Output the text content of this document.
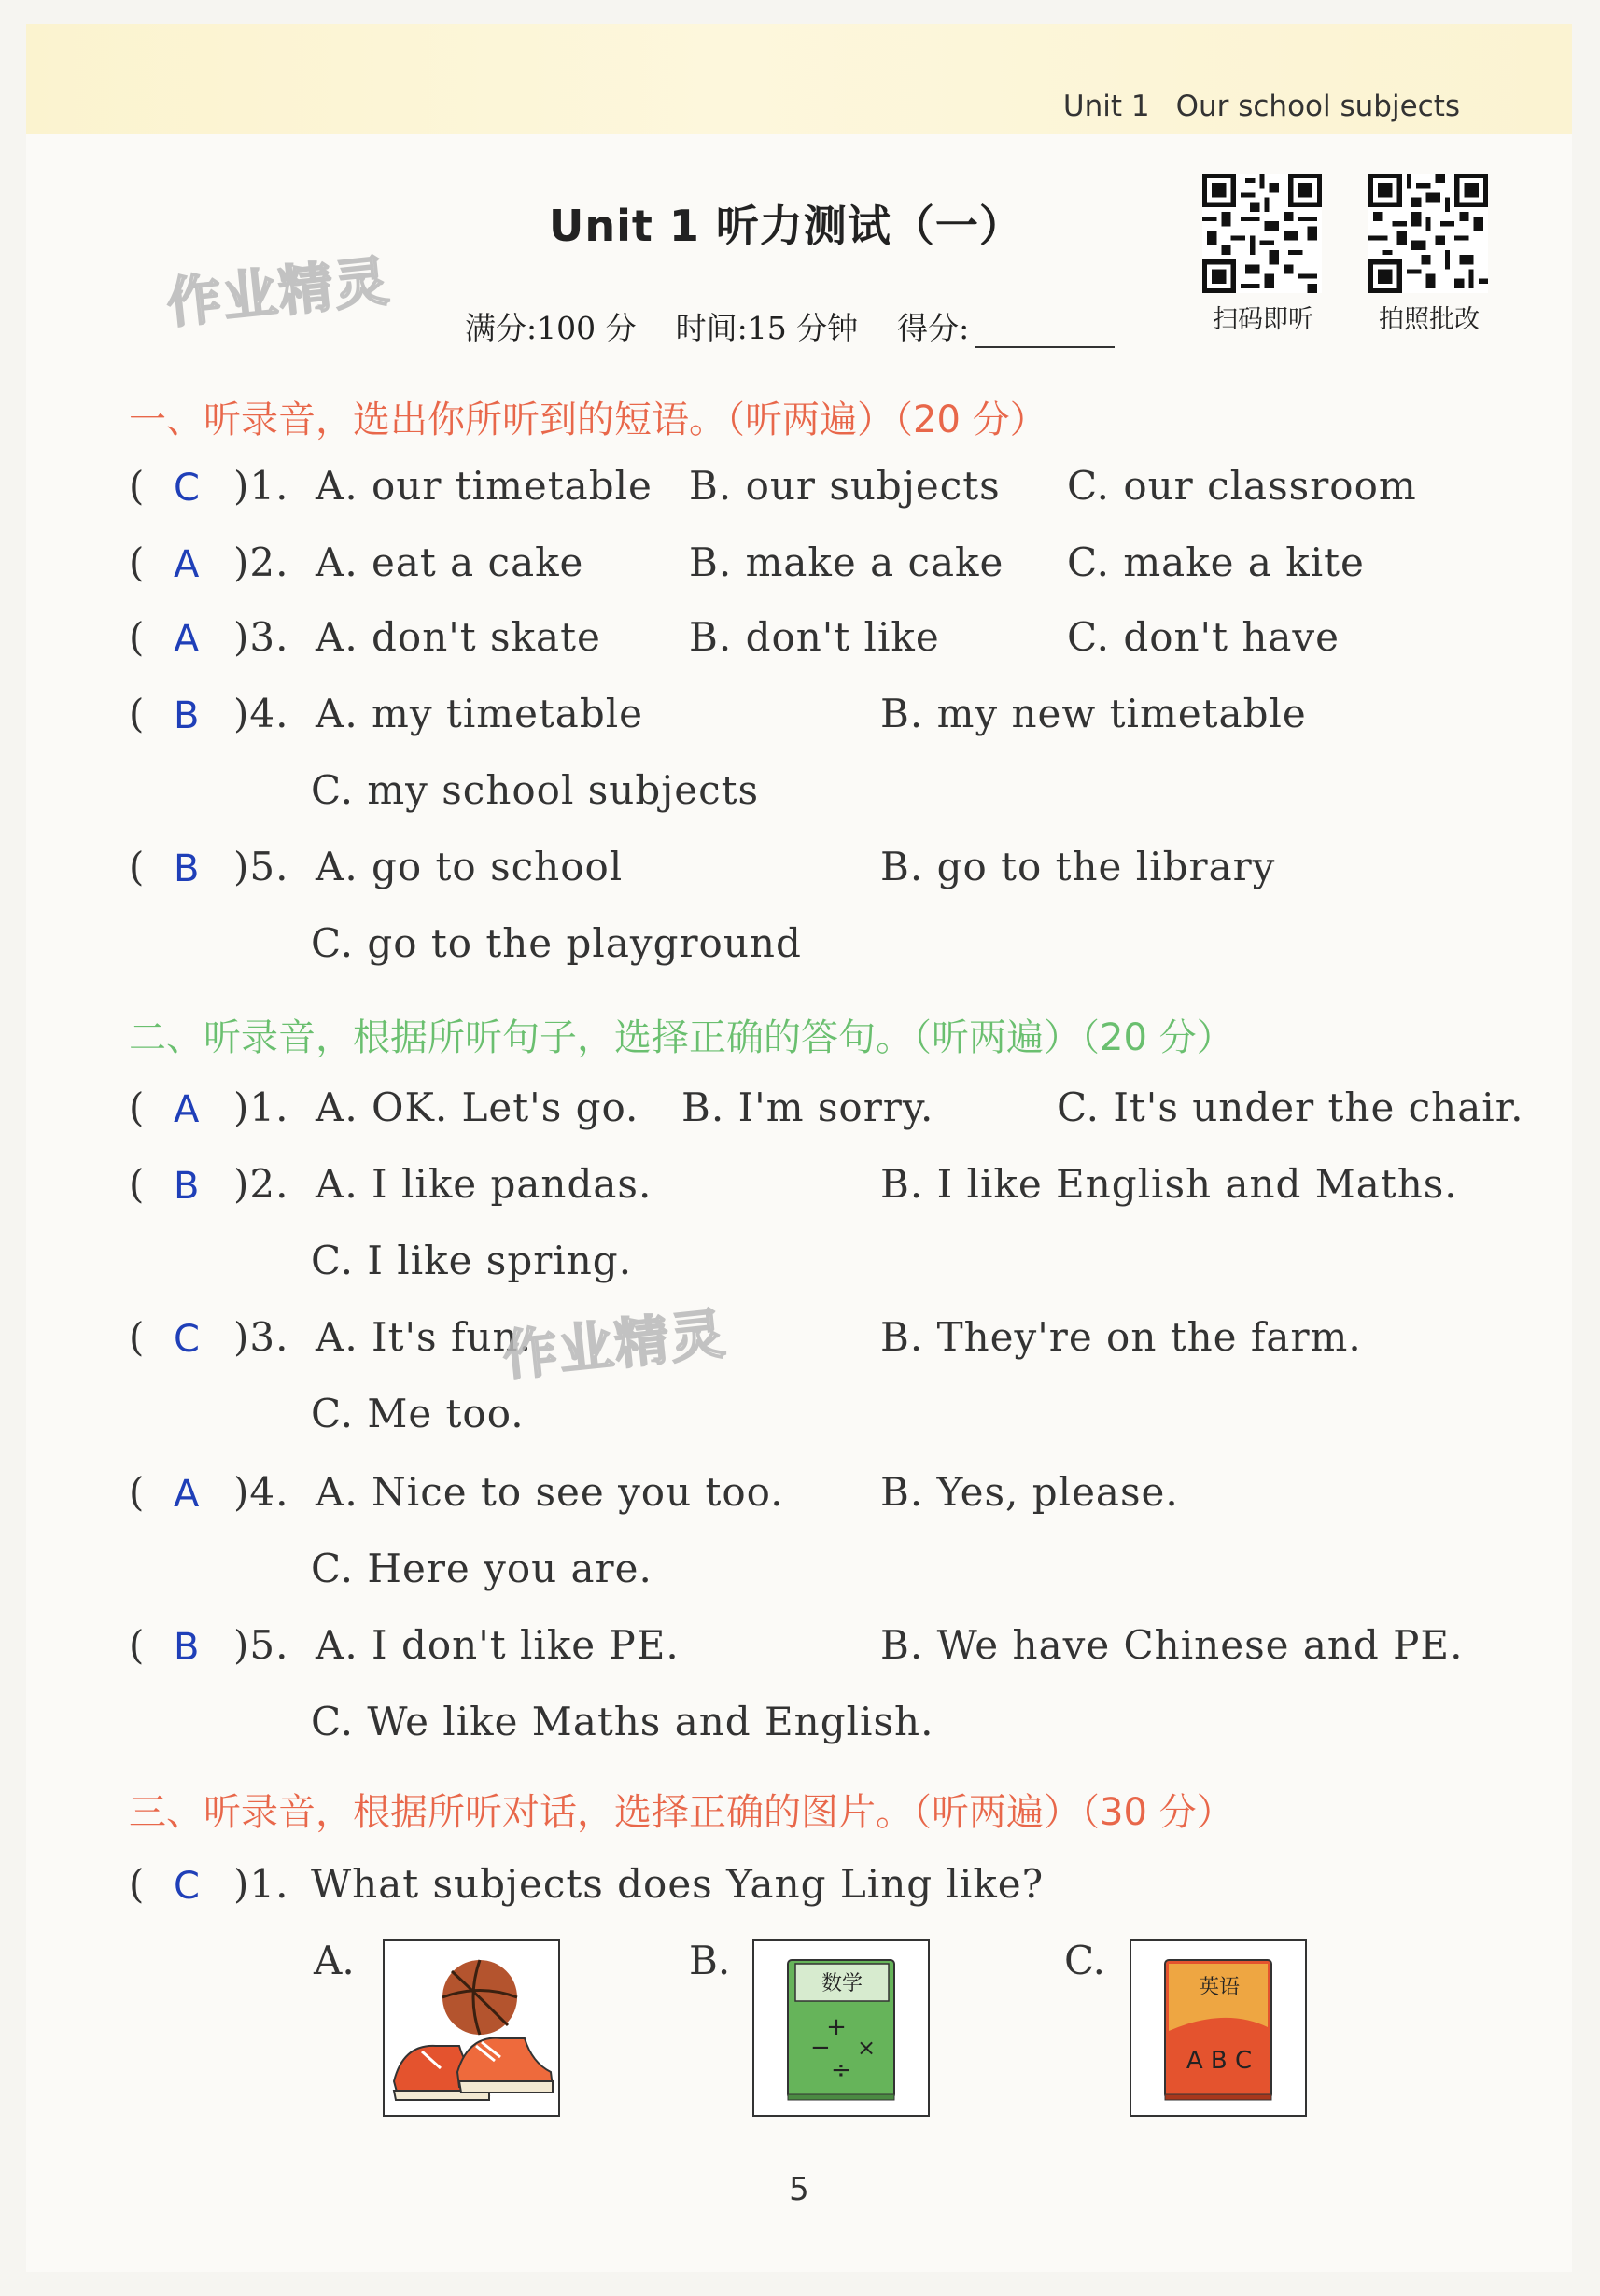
Unit 1 Our school subjects
Unit 1 听力测试（一）
作业精灵 满分:100 分 时间:15 分钟 得分:	扫码即听	拍照批改
一、听录音，选出你所听到的短语。（听两遍）（20 分）
( C )1. A. our timetable B. our subjects C. our classroom
( A )2. A. eat a cake	B. make a cake C. make a kite
( A )3. A. don't skate B. don't like	C. don't have
( B )4. A. my timetable	B. my new timetable
C. my school subjects
( B )5. A. go to school	B. go to the library
C. go to the playground
二、听录音，根据所听句子，选择正确的答句。（听两遍）（20 分）
( A )1. A. OK. Let's go. B. I'm sorry.	C. It's under the chair.
( B )2. A. I like pandas.	B. I like English and Maths.
C. I like spring.
( C )3. A. It's fun.
作业精灵	B. They're on the farm.
C. Me too.
( A )4. A. Nice to see you too. B. Yes, please.
C. Here you are.
( B )5. A. I don't like PE.	B. We have Chinese and PE.
C. We like Maths and English.
三、听录音，根据所听对话，选择正确的图片。（听两遍）（30 分）
( C )1. What subjects does Yang Ling like?
A.	B.
数学
+
− ×
÷
C.
英语
A B C
5
